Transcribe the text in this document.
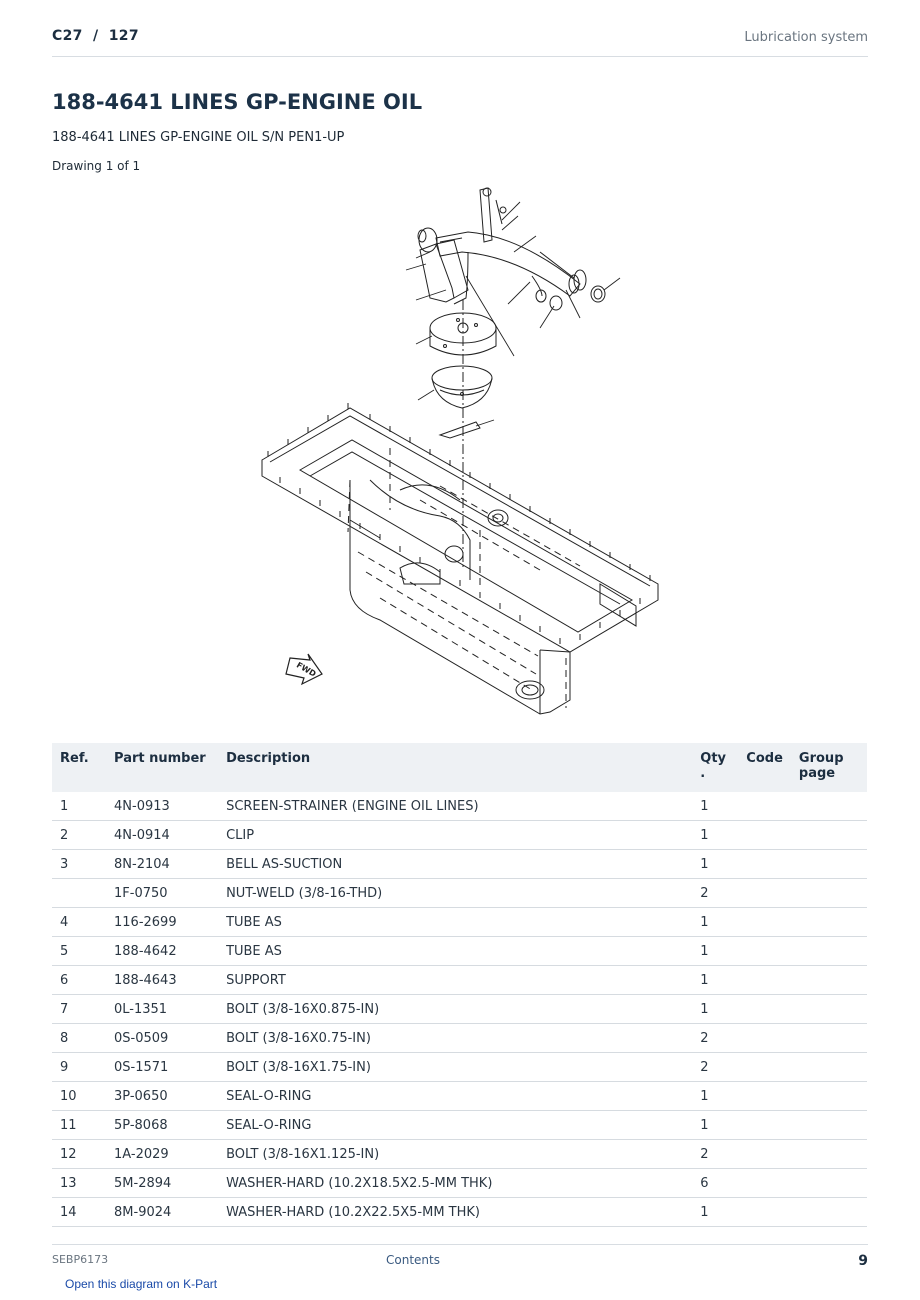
C27  /  127	Lubrication system
188-4641 LINES GP-ENGINE OIL
188-4641 LINES GP-ENGINE OIL S/N PEN1-UP
Drawing 1 of 1
FWD
Ref.	Part number	Description	Qty .	Code	Group page
1	4N-0913	SCREEN-STRAINER (ENGINE OIL LINES)	1		
2	4N-0914	CLIP	1		
3	8N-2104	BELL AS-SUCTION	1		
	1F-0750	NUT-WELD (3/8-16-THD)	2		
4	116-2699	TUBE AS	1		
5	188-4642	TUBE AS	1		
6	188-4643	SUPPORT	1		
7	0L-1351	BOLT (3/8-16X0.875-IN)	1		
8	0S-0509	BOLT (3/8-16X0.75-IN)	2		
9	0S-1571	BOLT (3/8-16X1.75-IN)	2		
10	3P-0650	SEAL-O-RING	1		
11	5P-8068	SEAL-O-RING	1		
12	1A-2029	BOLT (3/8-16X1.125-IN)	2		
13	5M-2894	WASHER-HARD (10.2X18.5X2.5-MM THK)	6		
14	8M-9024	WASHER-HARD (10.2X22.5X5-MM THK)	1		
SEBP6173	Contents	9
Open this diagram on K-Part
